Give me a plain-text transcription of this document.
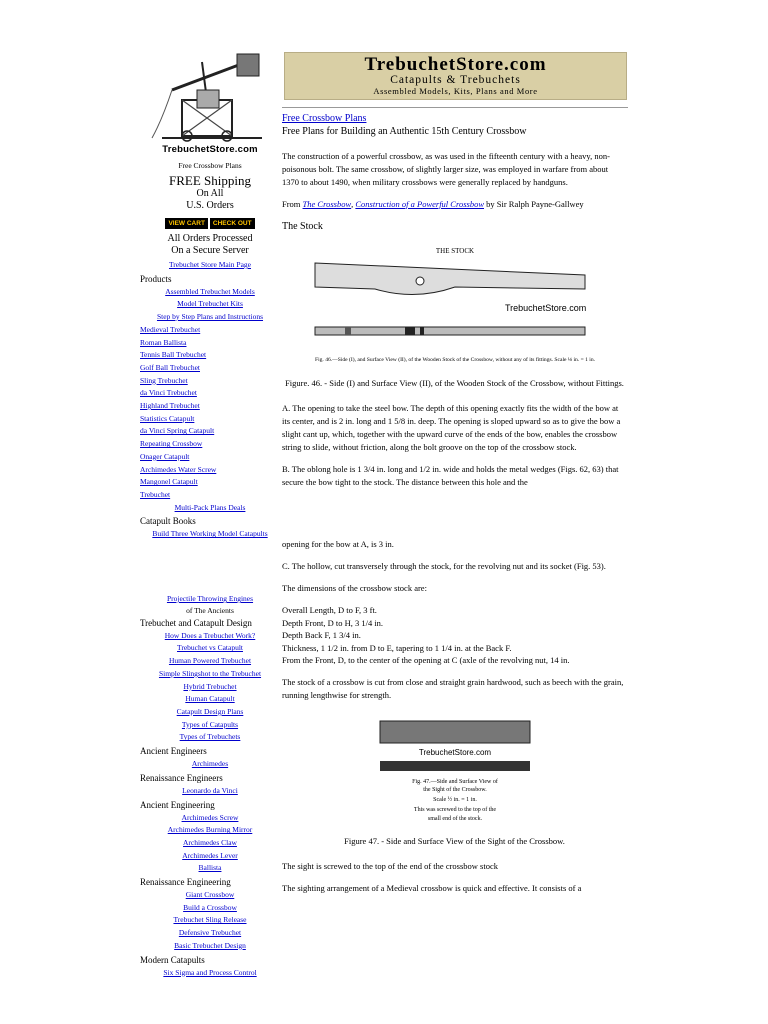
TrebuchetStore.com
Free Crossbow Plans
FREE Shipping
On All
U.S. Orders
VIEW CART	CHECK OUT
All Orders Processed
On a Secure Server
Trebuchet Store Main Page
Products
Assembled Trebuchet Models
Model Trebuchet Kits
Step by Step Plans and Instructions
Medieval Trebuchet
Roman Ballista
Tennis Ball Trebuchet
Golf Ball Trebuchet
Sling Trebuchet
da Vinci Trebuchet
Highland Trebuchet
Statistics Catapult
da Vinci Spring Catapult
Repeating Crossbow
Onager Catapult
Archimedes Water Screw
Mangonel Catapult
Trebuchet
Multi-Pack Plans Deals
Catapult Books
Build Three Working Model Catapults
Projectile Throwing Engines
of The Ancients
Trebuchet and Catapult Design
How Does a Trebuchet Work?
Trebuchet vs Catapult
Human Powered Trebuchet
Simple Slingshot to the Trebuchet
Hybrid Trebuchet
Human Catapult
Catapult Design Plans
Types of Catapults
Types of Trebuchets
Ancient Engineers
Archimedes
Renaissance Engineers
Leonardo da Vinci
Ancient Engineering
Archimedes Screw
Archimedes Burning Mirror
Archimedes Claw
Archimedes Lever
Ballista
Renaissance Engineering
Giant Crossbow
Build a Crossbow
Trebuchet Sling Release
Defensive Trebuchet
Basic Trebuchet Design
Modern Catapults
Six Sigma and Process Control
TrebuchetStore.com
Catapults & Trebuchets
Assembled Models, Kits, Plans and More
Free Crossbow Plans
Free Plans for Building an Authentic 15th Century Crossbow

The construction of a powerful crossbow, as was used in the fifteenth century with a heavy, non-poisonous bolt. The same crossbow, of slightly larger size, was employed in warfare from about 1370 to about 1490, when military crossbows were generally replaced by handguns.

From The Crossbow, Construction of a Powerful Crossbow by Sir Ralph Payne-Gallwey

The Stock
THE STOCK
TrebuchetStore.com
Fig. 46.—Side (I), and Surface View (II), of the Wooden Stock of the Crossbow, without any of its fittings. Scale ⅛ in. = 1 in.
Figure. 46. - Side (I) and Surface View (II), of the Wooden Stock of the Crossbow, without Fittings.

A. The opening to take the steel bow. The depth of this opening exactly fits the width of the bow at its center, and is 2 in. long and 1 5/8 in. deep. The opening is sloped upward so as to give the bow a slight cant up, which, together with the upward curve of the ends of the bow, enables the crossbow string to slide, without friction, along the bolt groove on the top of the crossbow stock.

B. The oblong hole is 1 3/4 in. long and 1/2 in. wide and holds the metal wedges (Figs. 62, 63) that secure the bow tight to the stock. The distance between this hole and the

opening for the bow at A, is 3 in.

C. The hollow, cut transversely through the stock, for the revolving nut and its socket (Fig. 53).

The dimensions of the crossbow stock are:

Overall Length, D to F, 3 ft.
Depth Front, D to H, 3 1/4 in.
Depth Back F, 1 3/4 in.
Thickness, 1 1/2 in. from D to E, tapering to 1 1/4 in. at the Back F.
From the Front, D, to the center of the opening at C (axle of the revolving nut, 14 in.

The stock of a crossbow is cut from close and straight grain hardwood, such as beech with the grain, running lengthwise for strength.

TrebuchetStore.com
Fig. 47.—Side and Surface View of
the Sight of the Crossbow.
Scale ½ in. = 1 in.
This was screwed to the top of the
small end of the stock.
Figure 47. - Side and Surface View of the Sight of the Crossbow.

The sight is screwed to the top of the end of the crossbow stock

The sighting arrangement of a Medieval crossbow is quick and effective. It consists of a
